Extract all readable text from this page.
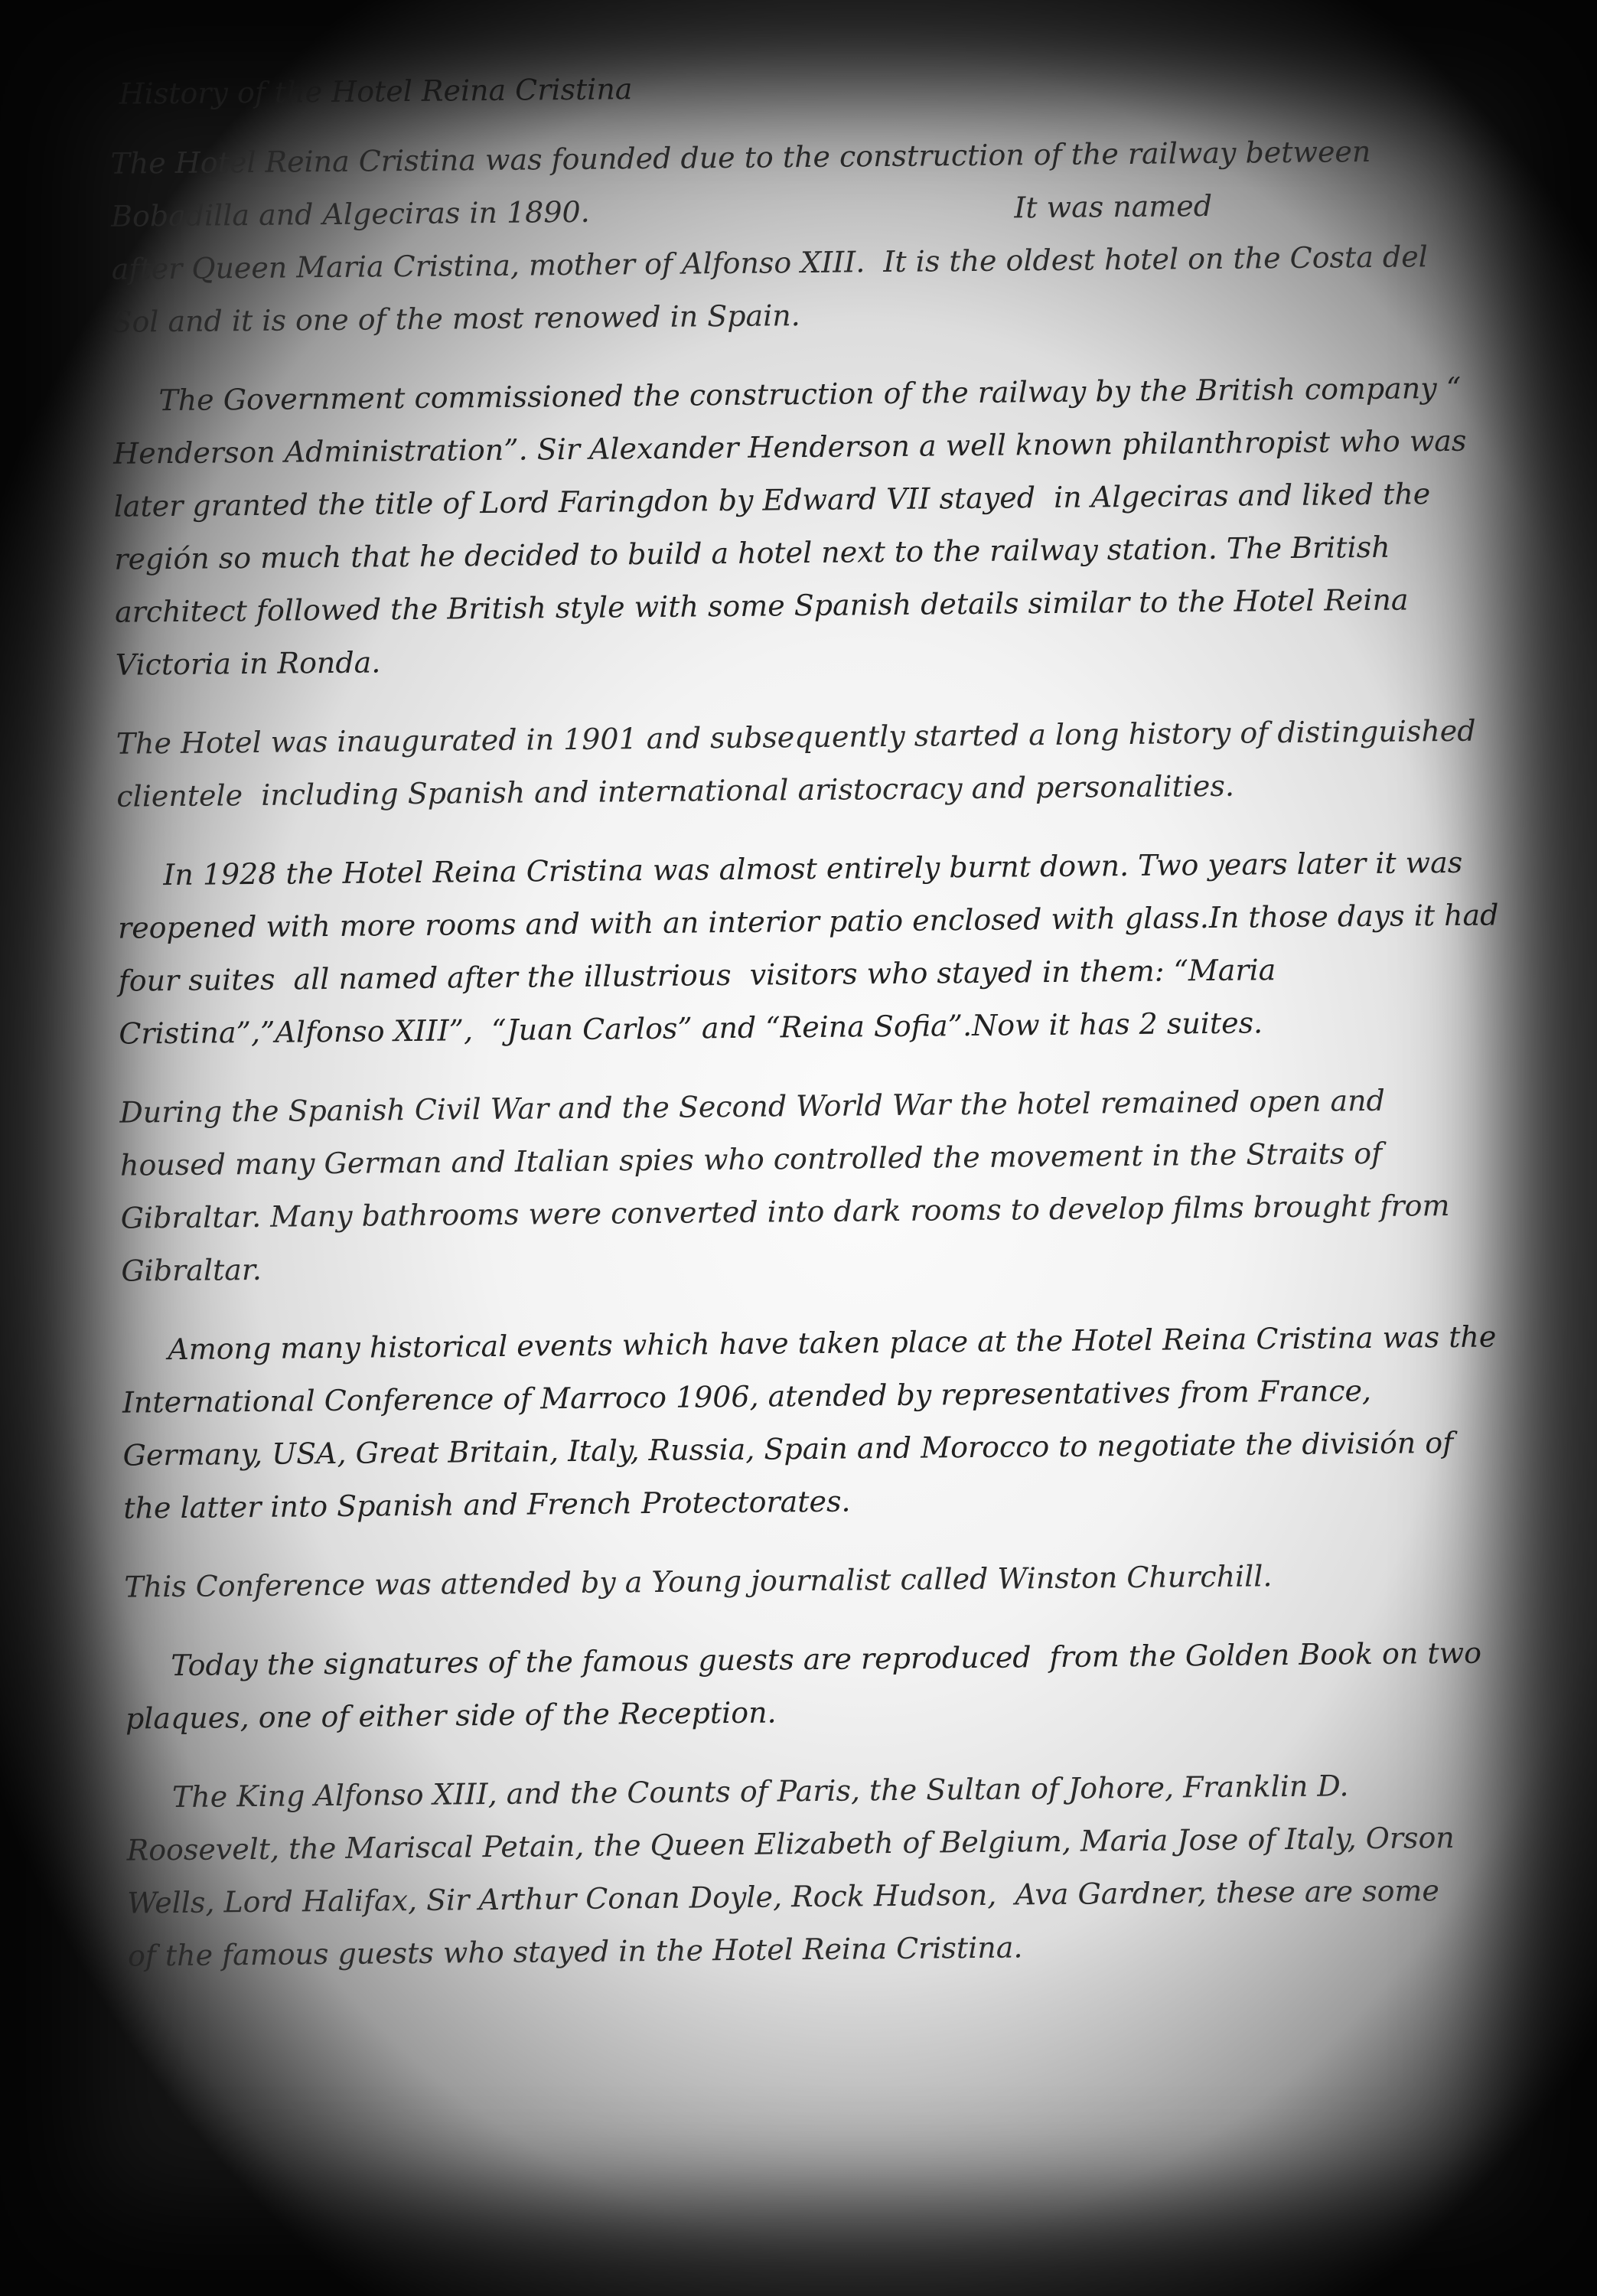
History of the Hotel Reina Cristina

The Hotel Reina Cristina was founded due to the construction of the railway between
Bobadilla and Algeciras in 1890.                                              It was named
after Queen Maria Cristina, mother of Alfonso XIII.  It is the oldest hotel on the Costa del
Sol and it is one of the most renowed in Spain.

The Government commissioned the construction of the railway by the British company “
Henderson Administration”. Sir Alexander Henderson a well known philanthropist who was
later granted the title of Lord Faringdon by Edward VII stayed  in Algeciras and liked the
región so much that he decided to build a hotel next to the railway station. The British
architect followed the British style with some Spanish details similar to the Hotel Reina
Victoria in Ronda.

The Hotel was inaugurated in 1901 and subsequently started a long history of distinguished
clientele  including Spanish and international aristocracy and personalities.

In 1928 the Hotel Reina Cristina was almost entirely burnt down. Two years later it was
reopened with more rooms and with an interior patio enclosed with glass.In those days it had
four suites  all named after the illustrious  visitors who stayed in them: “Maria
Cristina”,”Alfonso XIII”,  “Juan Carlos” and “Reina Sofia”.Now it has 2 suites.

During the Spanish Civil War and the Second World War the hotel remained open and
housed many German and Italian spies who controlled the movement in the Straits of
Gibraltar. Many bathrooms were converted into dark rooms to develop films brought from
Gibraltar.

Among many historical events which have taken place at the Hotel Reina Cristina was the
International Conference of Marroco 1906, atended by representatives from France,
Germany, USA, Great Britain, Italy, Russia, Spain and Morocco to negotiate the división of
the latter into Spanish and French Protectorates.

This Conference was attended by a Young journalist called Winston Churchill.

Today the signatures of the famous guests are reproduced  from the Golden Book on two
plaques, one of either side of the Reception.

The King Alfonso XIII, and the Counts of Paris, the Sultan of Johore, Franklin D.
Roosevelt, the Mariscal Petain, the Queen Elizabeth of Belgium, Maria Jose of Italy, Orson
Wells, Lord Halifax, Sir Arthur Conan Doyle, Rock Hudson,  Ava Gardner, these are some
of the famous guests who stayed in the Hotel Reina Cristina.
